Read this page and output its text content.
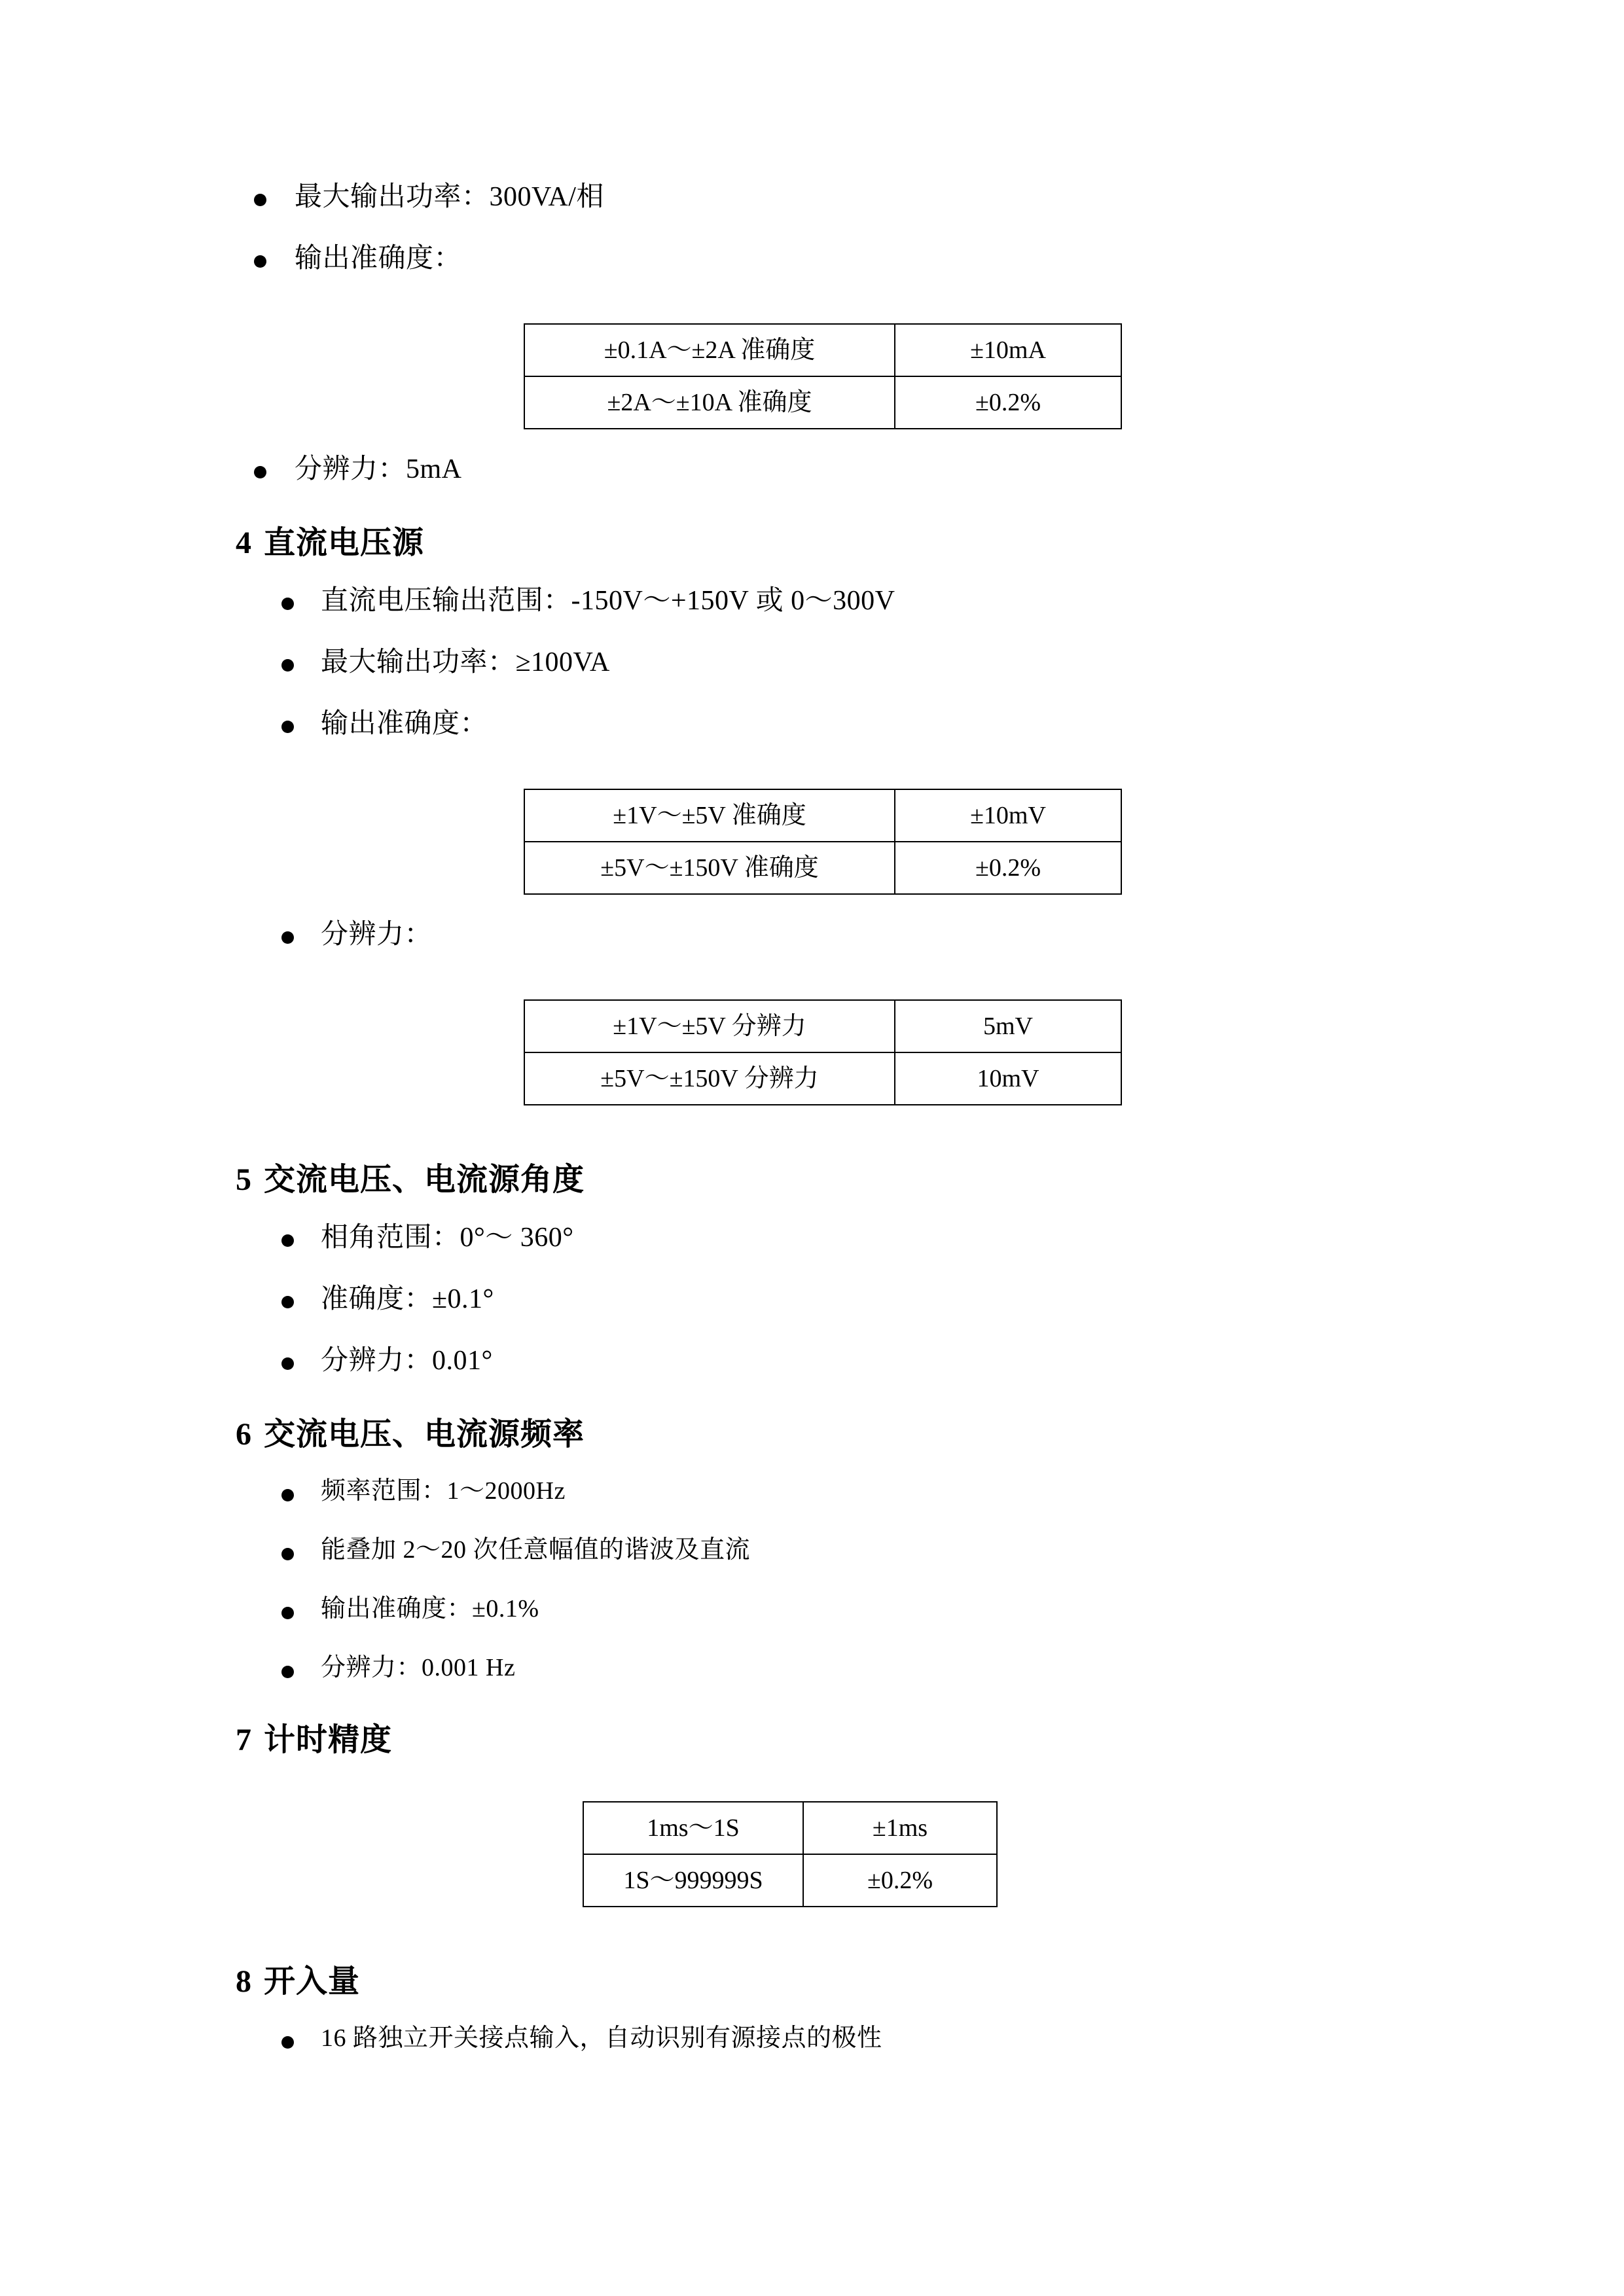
最大输出功率：300VA/相
输出准确度：
±0.1A～±2A 准确度	±10mA
±2A～±10A 准确度	±0.2%
分辨力：5mA
4 直流电压源
直流电压输出范围：-150V～+150V 或 0～300V
最大输出功率：≥100VA
输出准确度：
±1V～±5V 准确度	±10mV
±5V～±150V 准确度	±0.2%
分辨力：
±1V～±5V 分辨力	5mV
±5V～±150V 分辨力	10mV
5 交流电压、电流源角度
相角范围：0°～ 360°
准确度：±0.1°
分辨力：0.01°
6 交流电压、电流源频率
频率范围：1～2000Hz
能叠加 2～20 次任意幅值的谐波及直流
输出准确度：±0.1%
分辨力：0.001 Hz
7 计时精度
1ms～1S	±1ms
1S～999999S	±0.2%
8 开入量
16 路独立开关接点输入，自动识别有源接点的极性
